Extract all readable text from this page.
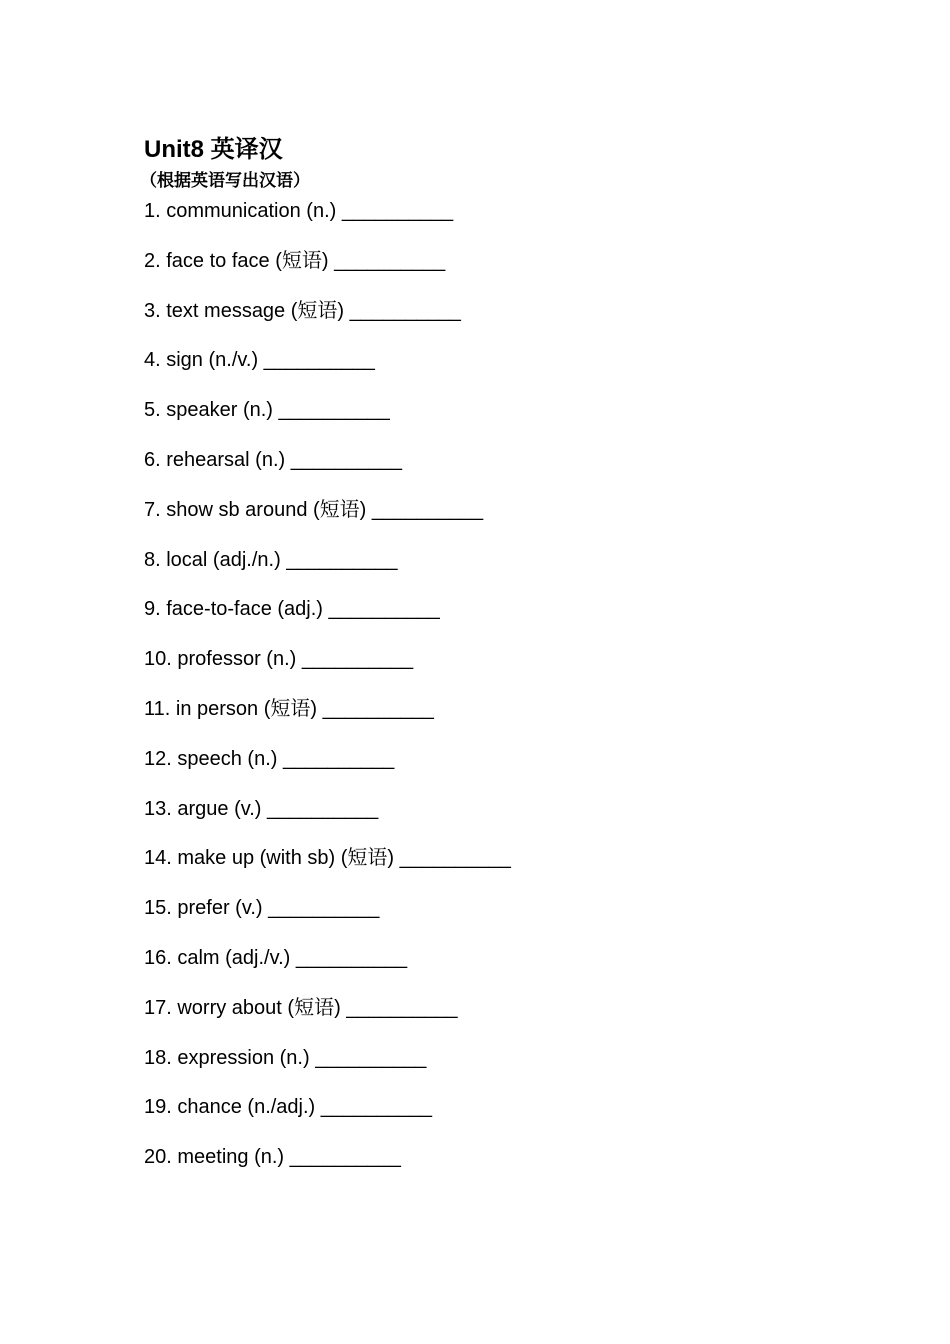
Unit8 英译汉

（根据英语写出汉语）

1. communication (n.) __________
2. face to face (短语) __________
3. text message (短语) __________
4. sign (n./v.) __________
5. speaker (n.) __________
6. rehearsal (n.) __________
7. show sb around (短语) __________
8. local (adj./n.) __________
9. face-to-face (adj.) __________
10. professor (n.) __________
11. in person (短语) __________
12. speech (n.) __________
13. argue (v.) __________
14. make up (with sb) (短语) __________
15. prefer (v.) __________
16. calm (adj./v.) __________
17. worry about (短语) __________
18. expression (n.) __________
19. chance (n./adj.) __________
20. meeting (n.) __________
